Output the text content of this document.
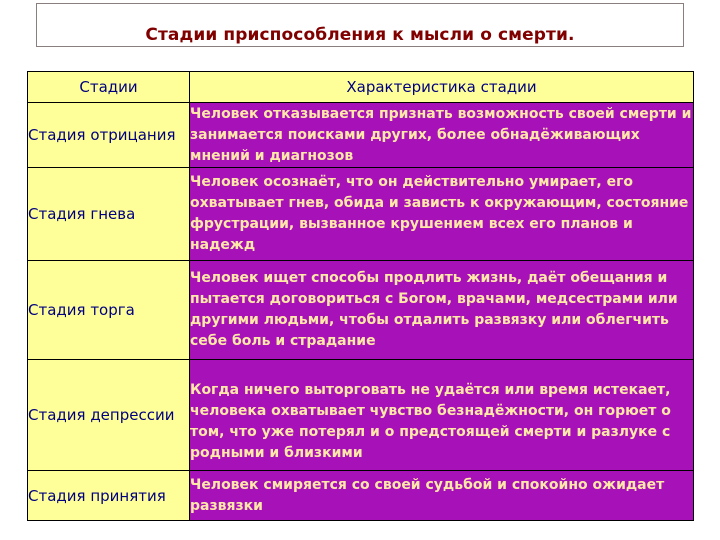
Стадии приспособления к мысли о смерти.
Стадии	Характеристика стадии
Стадия отрицания	Человек отказывается признать возможность своей смерти и занимается поисками других, более обнадёживающих мнений и диагнозов
Стадия гнева	Человек осознаёт, что он действительно умирает, его охватывает гнев, обида и зависть к окружающим, состояние фрустрации, вызванное крушением всех его планов и надежд
Стадия торга	Человек ищет способы продлить жизнь, даёт обещания и пытается договориться с Богом, врачами, медсестрами или другими людьми, чтобы отдалить развязку или облегчить себе боль и страдание
Стадия депрессии	Когда ничего выторговать не удаётся или время истекает, человека охватывает чувство безнадёжности, он горюет о том, что уже потерял и о предстоящей смерти и разлуке с родными и близкими
Стадия принятия	Человек смиряется со своей судьбой и спокойно ожидает развязки
